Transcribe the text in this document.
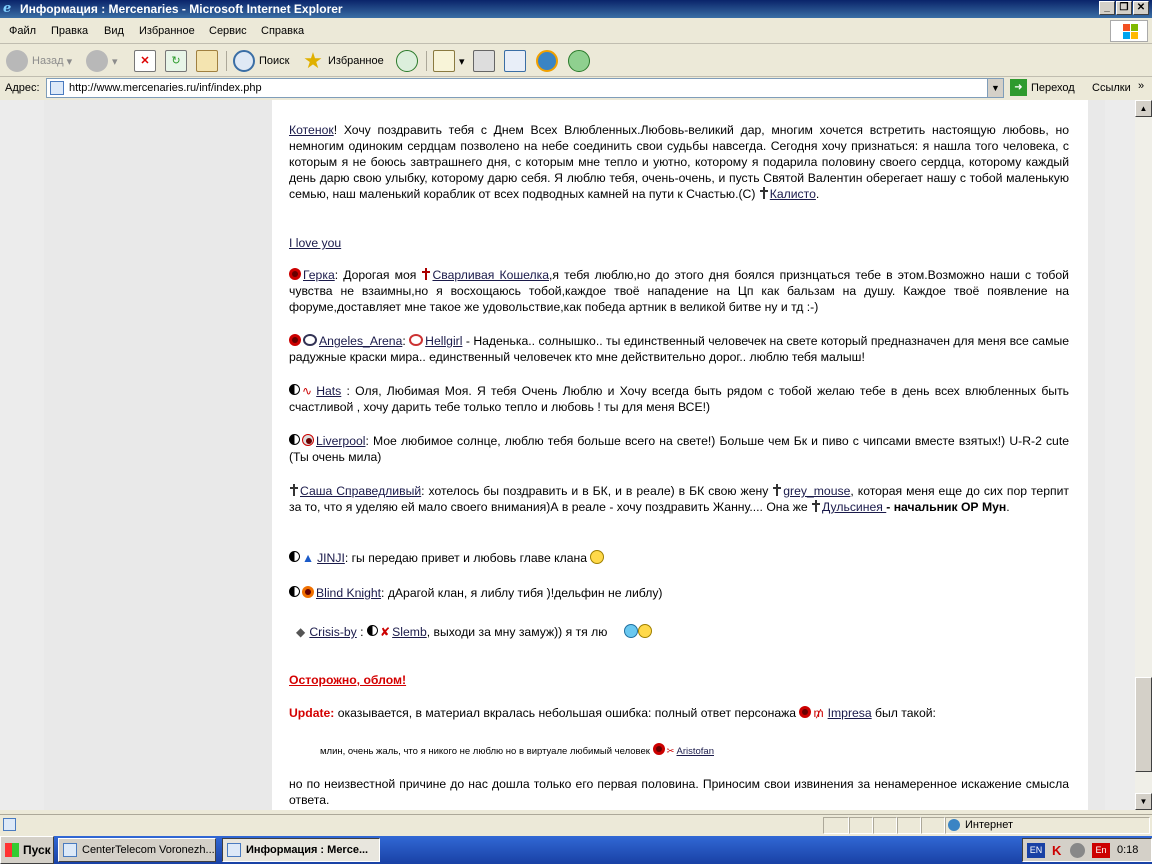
e Информация : Mercenaries - Microsoft Internet Explorer	_ ❐ ✕
Файл Правка Вид Избранное Сервис Справка
Назад ▾	▾	✕	↻	Поиск ★ Избранное	▾
Адрес:	http://www.mercenaries.ru/inf/index.php	▼	➜ Переход Ссылки »
Котенок! Хочу поздравить тебя с Днем Всех Влюбленных.Любовь-великий дар, многим хочется встретить настоящую любовь, но немногим одиноким сердцам позволено на небе соединить свои судьбы навсегда. Сегодня хочу признаться: я нашла того человека, с которым я не боюсь завтрашнего дня, с которым мне тепло и уютно, которому я подарила половину своего сердца, которому каждый день дарю свою улыбку, которому дарю себя. Я люблю тебя, очень-очень, и пусть Святой Валентин оберегает нашу с тобой маленькую семью, наш маленький кораблик от всех подводных камней на пути к Счастью.(С) Калисто.
I love you
Герка: Дорогая моя Сварливая Кошелка,я тебя люблю,но до этого дня боялся признцаться тебе в этом.Возможно наши с тобой чувства не взаимны,но я восхощаюсь тобой,каждое твоё нападение на Цп как бальзам на душу. Каждое твоё появление на форуме,доставляет мне такое же удовольствие,как победа артник в великой битве ну и тд :-)
Angeles_Arena: Hellgirl - Наденька.. солнышко.. ты единственный человечек на свете который предназначен для меня все самые радужные краски мира.. единственный человечек кто мне действительно дорог.. люблю тебя малыш!
∿ Hats : Оля, Любимая Моя. Я тебя Очень Люблю и Хочу всегда быть рядом с тобой желаю тебе в день всех влюбленных быть счастливой , хочу дарить тебе только тепло и любовь ! ты для меня ВСЕ!)
Liverpool: Мое любимое солнце, люблю тебя больше всего на свете!) Больше чем Бк и пиво с чипсами вместе взятых!) U-R-2 cute (Ты очень мила)
Саша Справедливый: хотелось бы поздравить и в БК, и в реале) в БК свою жену grey_mouse, которая меня еще до сих пор терпит за то, что я уделяю ей мало своего внимания)А в реале - хочу поздравить Жанну.... Она же Дульсинея - начальник ОР Мун.
▲ JINJI: гы передаю привет и любовь главе клана
Blind Knight: дАрагой клан, я либлу тибя )!дельфин не либлу)
◆ Crisis-by : ✘ Slemb, выходи за мну замуж)) я тя лю
Осторожно, облом!
Update: оказывается, в материал вкралась небольшая ошибка: полный ответ персонажа ₥ Impresa был такой:
млин, очень жаль, что я никого не люблю но в виртуале любимый человек ✂ Aristofan
но по неизвестной причине до нас дошла только его первая половина. Приносим свои извинения за ненамеренное искажение смысла ответа.
▲
▼
Интернет
Пуск	CenterTelecom Voronezh...	Информация : Merce...	EN K	En 0:18
